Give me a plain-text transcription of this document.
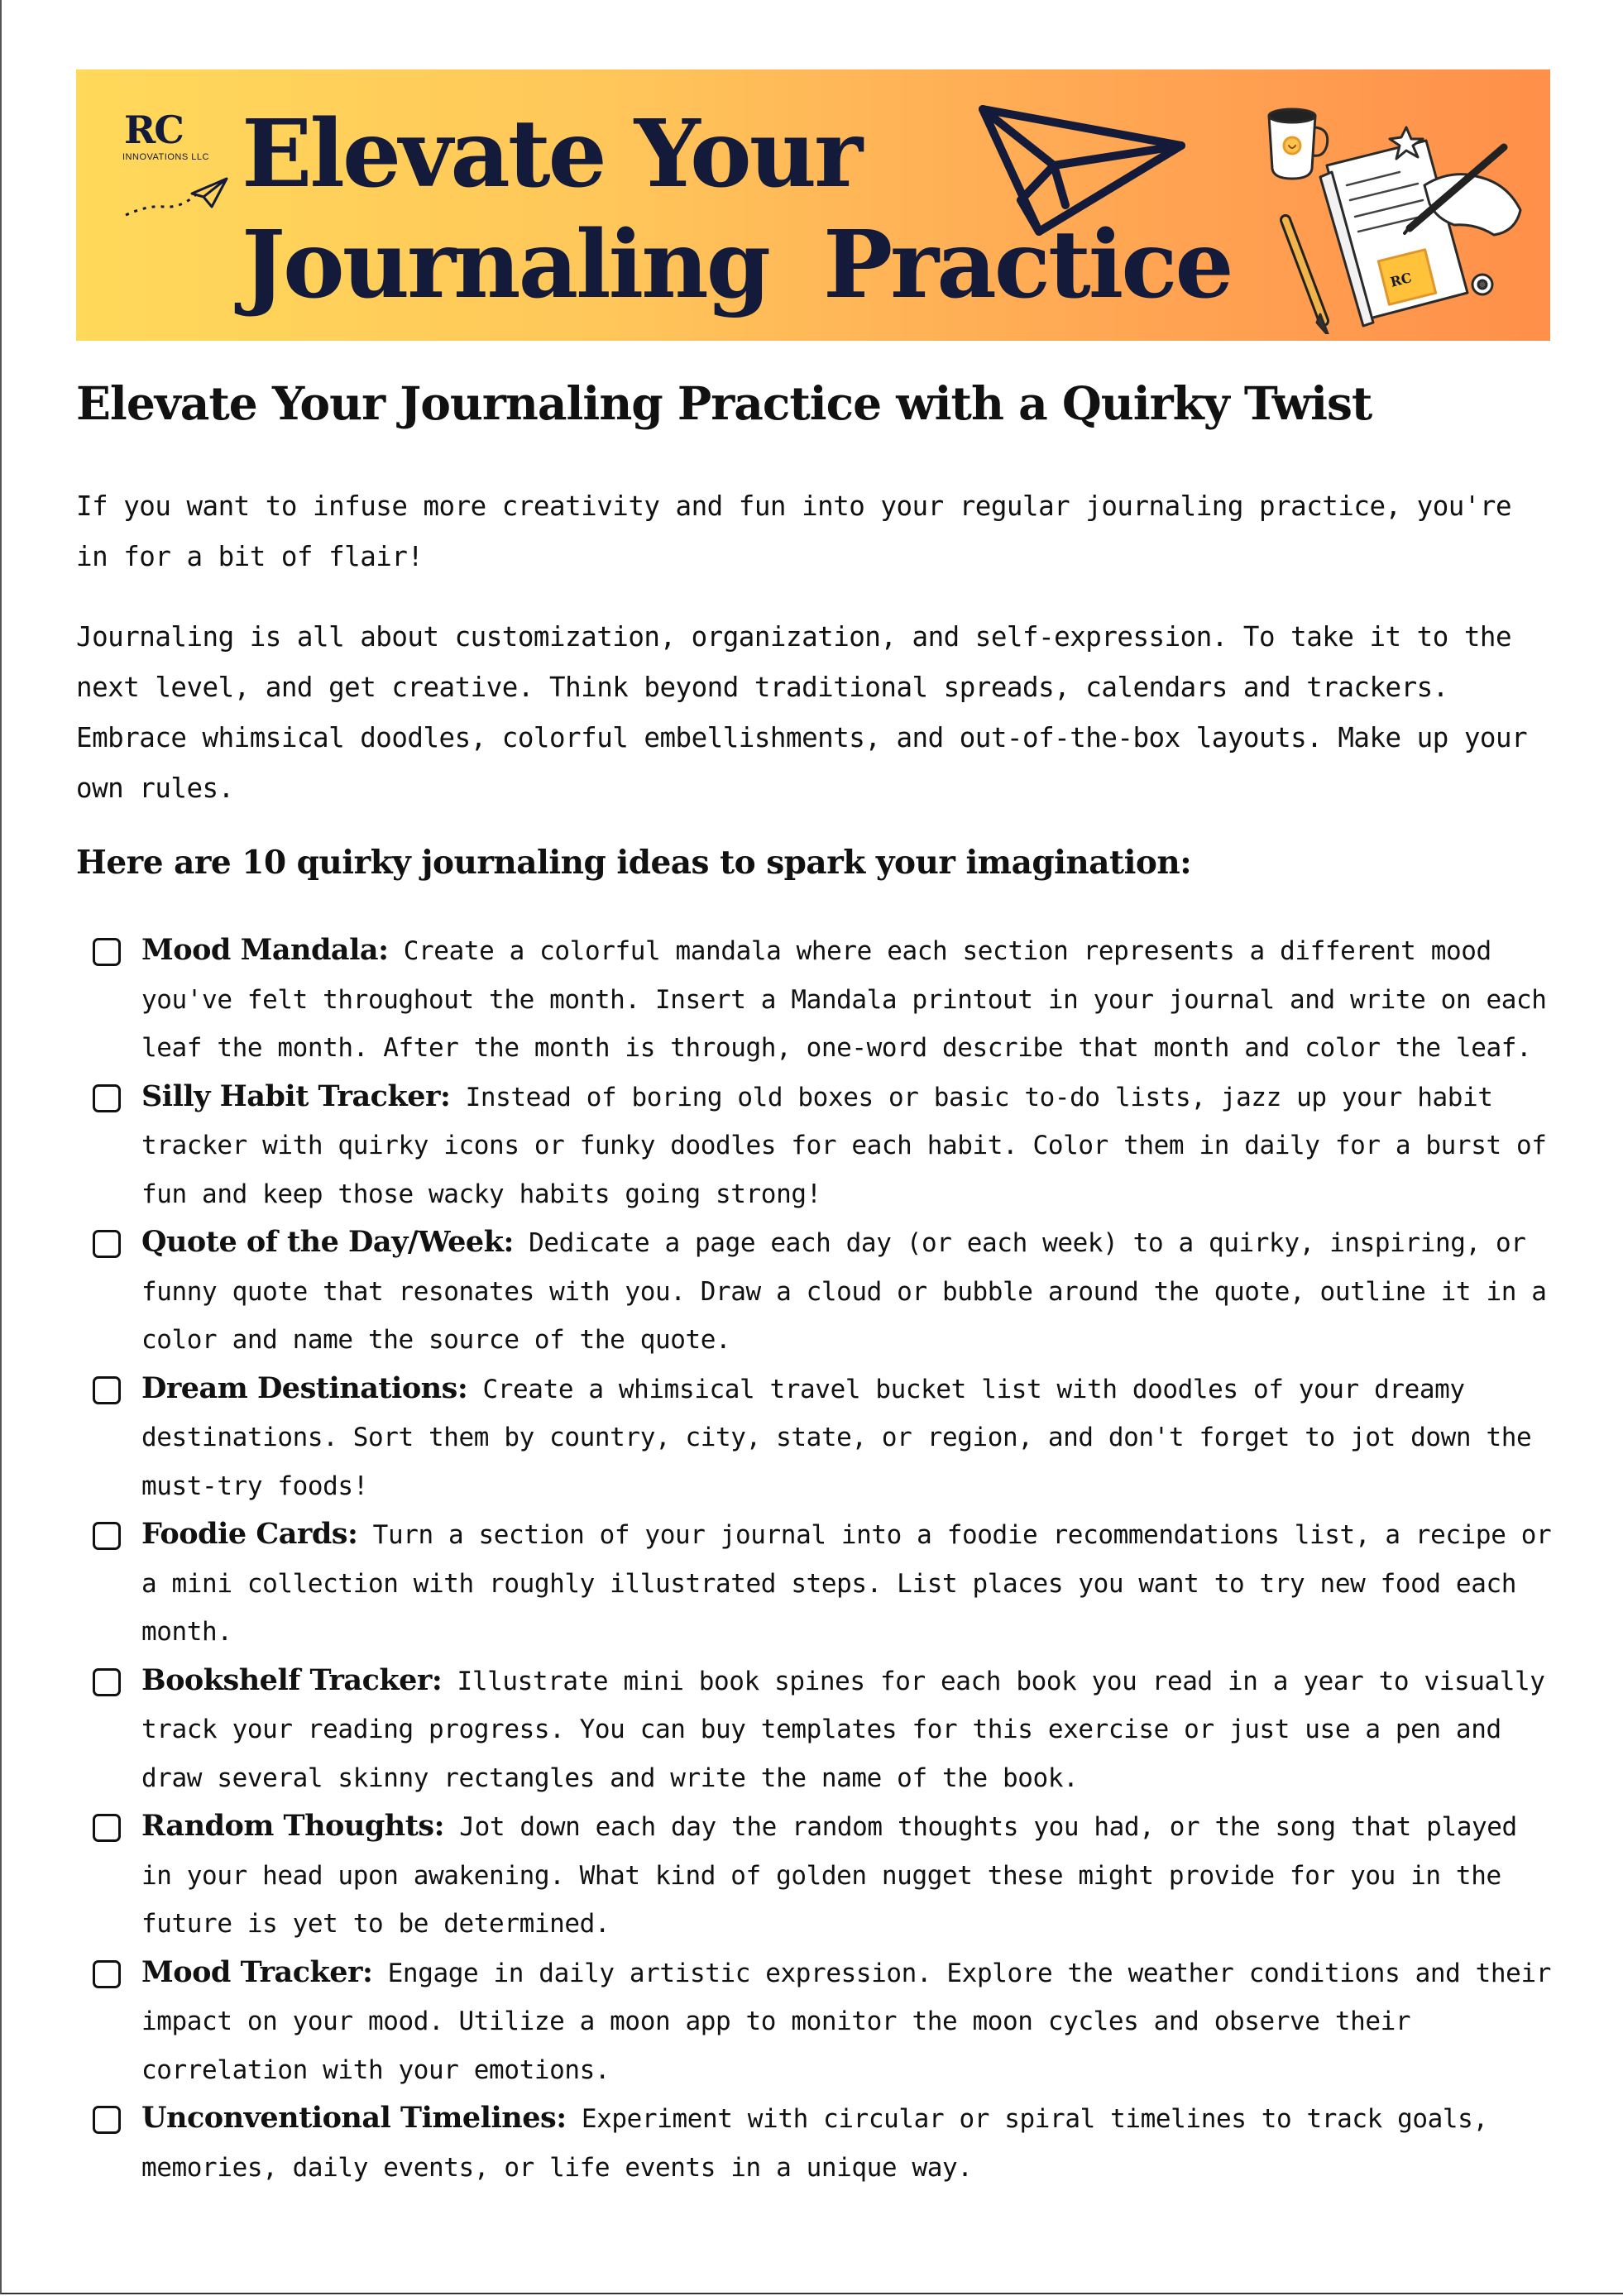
RC
INNOVATIONS LLC Elevate Your
Journaling Practice	RC
Elevate Your Journaling Practice with a Quirky Twist
If you want to infuse more creativity and fun into your regular journaling practice, you're in for a bit of flair!
Journaling is all about customization, organization, and self-expression. To take it to the next level, and get creative. Think beyond traditional spreads, calendars and trackers. Embrace whimsical doodles, colorful embellishments, and out-of-the-box layouts. Make up your own rules.
Here are 10 quirky journaling ideas to spark your imagination:
Mood Mandala: Create a colorful mandala where each section represents a different mood you've felt throughout the month. Insert a Mandala printout in your journal and write on each leaf the month. After the month is through, one-word describe that month and color the leaf.
Silly Habit Tracker: Instead of boring old boxes or basic to-do lists, jazz up your habit tracker with quirky icons or funky doodles for each habit. Color them in daily for a burst of fun and keep those wacky habits going strong!
Quote of the Day/Week: Dedicate a page each day (or each week) to a quirky, inspiring, or funny quote that resonates with you. Draw a cloud or bubble around the quote, outline it in a color and name the source of the quote.
Dream Destinations: Create a whimsical travel bucket list with doodles of your dreamy destinations. Sort them by country, city, state, or region, and don't forget to jot down the must-try foods!
Foodie Cards: Turn a section of your journal into a foodie recommendations list, a recipe or a mini collection with roughly illustrated steps. List places you want to try new food each month.
Bookshelf Tracker: Illustrate mini book spines for each book you read in a year to visually track your reading progress. You can buy templates for this exercise or just use a pen and draw several skinny rectangles and write the name of the book.
Random Thoughts: Jot down each day the random thoughts you had, or the song that played in your head upon awakening. What kind of golden nugget these might provide for you in the future is yet to be determined.
Mood Tracker: Engage in daily artistic expression. Explore the weather conditions and their impact on your mood. Utilize a moon app to monitor the moon cycles and observe their correlation with your emotions.
Unconventional Timelines: Experiment with circular or spiral timelines to track goals, memories, daily events, or life events in a unique way.
